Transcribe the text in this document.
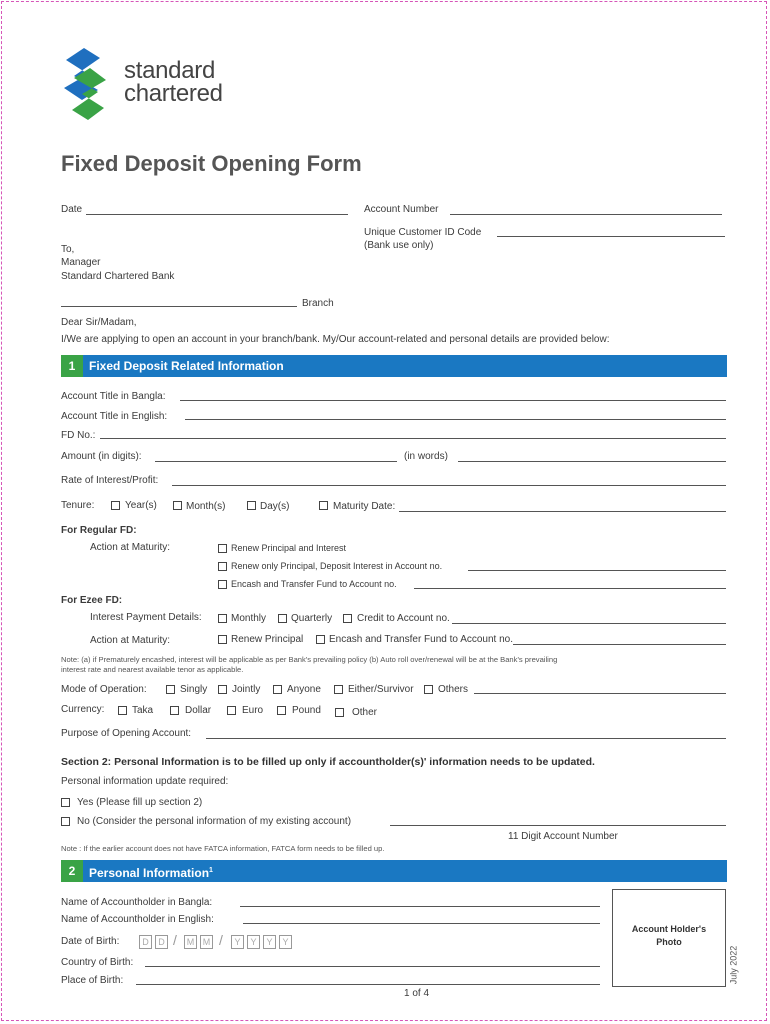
standard
chartered
Fixed Deposit Opening Form
Date	Account Number
Unique Customer ID Code
(Bank use only)
To,
Manager
Standard Chartered Bank
Branch
Dear Sir/Madam,
I/We are applying to open an account in your branch/bank. My/Our account-related and personal details are provided below:
1	Fixed Deposit Related Information
Account Title in Bangla:
Account Title in English:
FD No.:
Amount (in digits):	(in words)
Rate of Interest/Profit:
Tenure:	Year(s)	Month(s)	Day(s)	Maturity Date:
For Regular FD:
Action at Maturity:	Renew Principal and Interest
Renew only Principal, Deposit Interest in Account no.
Encash and Transfer Fund to Account no.
For Ezee FD:
Interest Payment Details:	Monthly Quarterly Credit to Account no.
Action at Maturity:	Renew Principal	Encash and Transfer Fund to Account no.
Note: (a) if Prematurely encashed, interest will be applicable as per Bank's prevailing policy (b) Auto roll over/renewal will be at the Bank's prevailing
interest rate and nearest available tenor as applicable.
Mode of Operation:	Singly Jointly	Anyone	Either/Survivor Others
Currency:	Taka	Dollar	Euro	Pound	Other
Purpose of Opening Account:
Section 2: Personal Information is to be filled up only if accountholder(s)' information needs to be updated.
Personal information update required:
Yes (Please fill up section 2)
No (Consider the personal information of my existing account)
11 Digit Account Number
Note : If the earlier account does not have FATCA information, FATCA form needs to be filled up.
2	Personal Information$^1$
Name of Accountholder in Bangla:
Name of Accountholder in English:
Date of Birth:	D	D /	M M /	Y	Y	Y	Y
Country of Birth:
Place of Birth:
Account Holder's
Photo
1 of 4
July 2022
